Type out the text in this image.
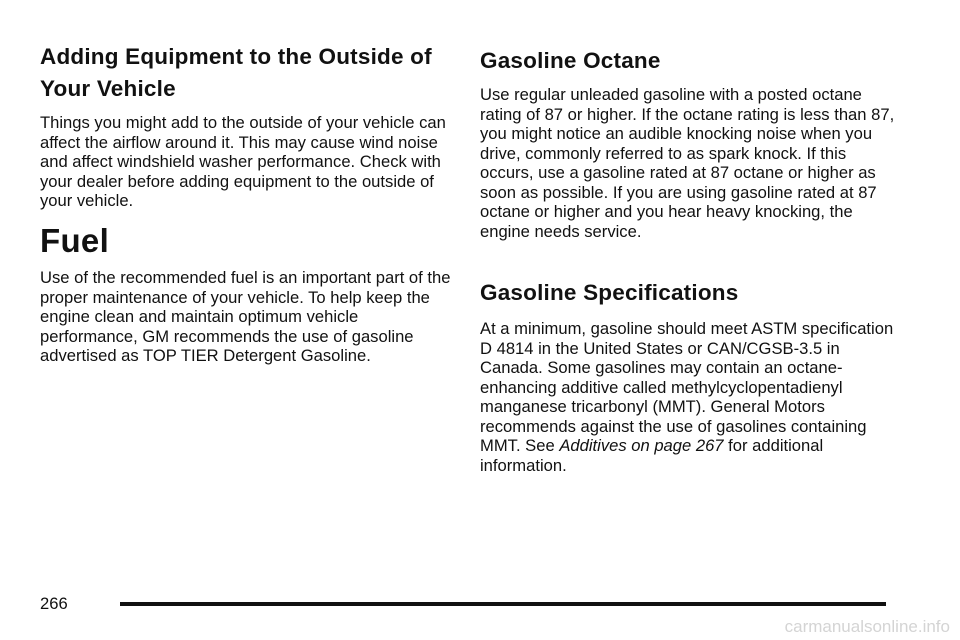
Adding Equipment to the Outside of Your Vehicle

Things you might add to the outside of your vehicle can affect the airflow around it. This may cause wind noise and affect windshield washer performance. Check with your dealer before adding equipment to the outside of your vehicle.

Fuel

Use of the recommended fuel is an important part of the proper maintenance of your vehicle. To help keep the engine clean and maintain optimum vehicle performance, GM recommends the use of gasoline advertised as TOP TIER Detergent Gasoline.

Gasoline Octane

Use regular unleaded gasoline with a posted octane rating of 87 or higher. If the octane rating is less than 87, you might notice an audible knocking noise when you drive, commonly referred to as spark knock. If this occurs, use a gasoline rated at 87 octane or higher as soon as possible. If you are using gasoline rated at 87 octane or higher and you hear heavy knocking, the engine needs service.

Gasoline Specifications

At a minimum, gasoline should meet ASTM specification D 4814 in the United States or CAN/CGSB-3.5 in Canada. Some gasolines may contain an octane-enhancing additive called methylcyclopentadienyl manganese tricarbonyl (MMT). General Motors recommends against the use of gasolines containing MMT. See Additives on page 267 for additional information.

266
carmanualsonline.info
